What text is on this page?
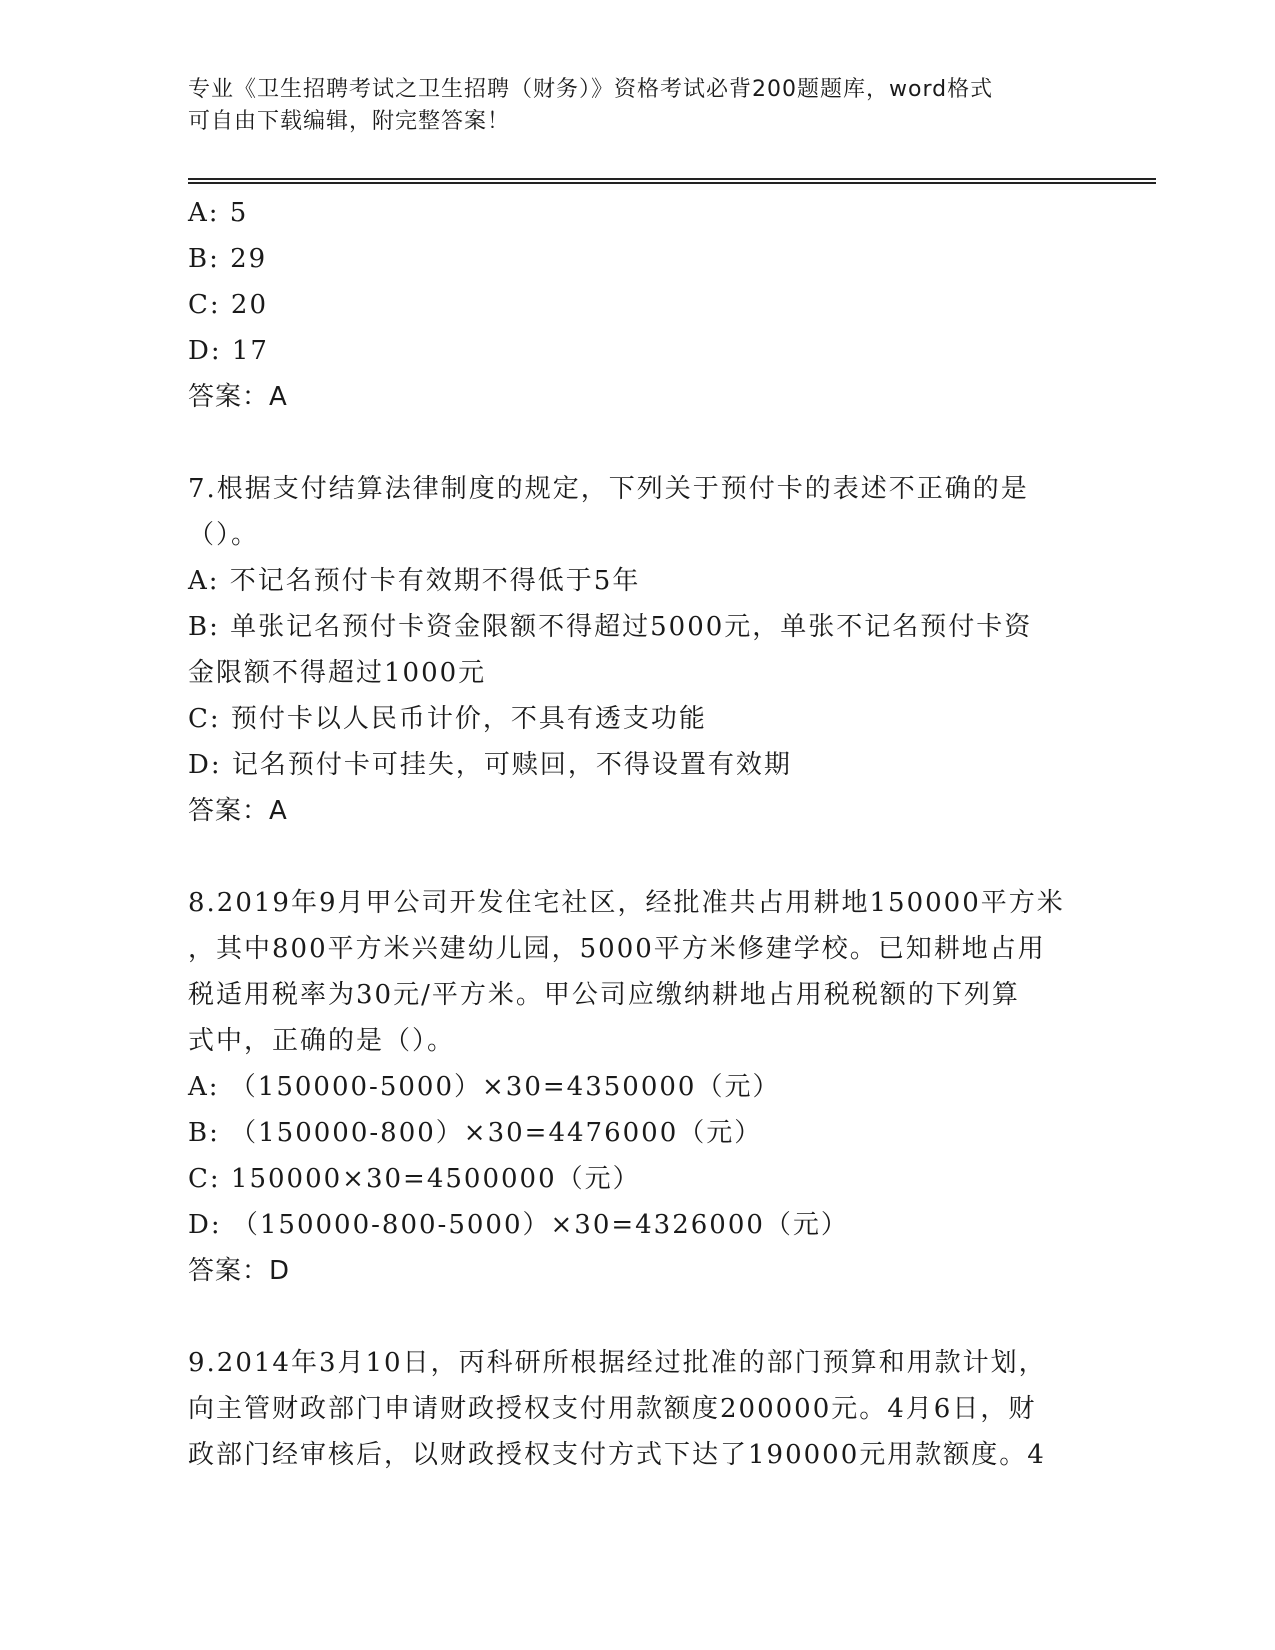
专业《卫生招聘考试之卫生招聘（财务）》资格考试必背200题题库，word格式
可自由下载编辑，附完整答案！
A: 5
B: 29
C: 20
D: 17
答案：A
7.根据支付结算法律制度的规定，下列关于预付卡的表述不正确的是
（）。
A: 不记名预付卡有效期不得低于5年
B: 单张记名预付卡资金限额不得超过5000元，单张不记名预付卡资
金限额不得超过1000元
C: 预付卡以人民币计价，不具有透支功能
D: 记名预付卡可挂失，可赎回，不得设置有效期
答案：A
8.2019年9月甲公司开发住宅社区，经批准共占用耕地150000平方米
，其中800平方米兴建幼儿园，5000平方米修建学校。已知耕地占用
税适用税率为30元/平方米。甲公司应缴纳耕地占用税税额的下列算
式中，正确的是（）。
A: （150000-5000）×30=4350000（元）
B: （150000-800）×30=4476000（元）
C: 150000×30=4500000（元）
D: （150000-800-5000）×30=4326000（元）
答案：D
9.2014年3月10日，丙科研所根据经过批准的部门预算和用款计划，
向主管财政部门申请财政授权支付用款额度200000元。4月6日，财
政部门经审核后，以财政授权支付方式下达了190000元用款额度。4
